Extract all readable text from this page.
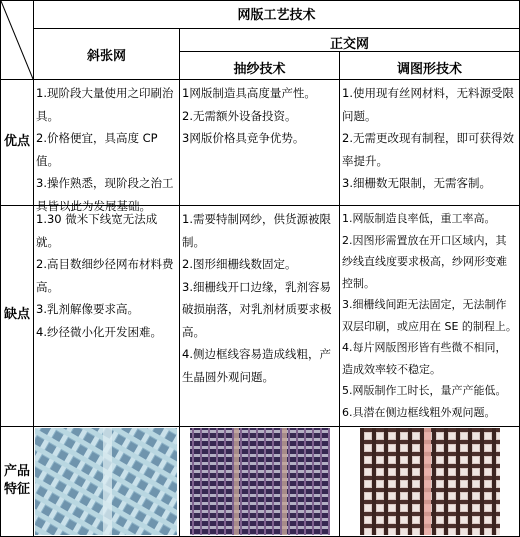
网版工艺技术
斜张网
正交网
抽纱技术	调图形技术
优点
缺点
产品特征

1.现阶段大量使用之印刷治

具。

2.价格便宜，具高度 CP 值。

3.操作熟悉，现阶段之治工

具皆以此为发展基础。

1网版制造具高度量产性。

2.无需额外设备投资。

3网版价格具竞争优势。

1.使用现有丝网材料，无料源受限

问题。

2.无需更改现有制程，即可获得效

率提升。

3.细栅数无限制，无需客制。

1.30 微米下线宽无法成就。

2.高目数细纱径网布材料费

高。

3.乳剂解像要求高。

4.纱径微小化开发困难。

1.需要特制网纱，供货源被限

制。

2.图形细栅线数固定。

3.细栅线开口边缘，乳剂容易

破损崩落，对乳剂材质要求极

高。

4.侧边框线容易造成线粗，产

生晶圆外观问题。

1.网版制造良率低，重工率高。

2.因图形需置放在开口区域内，其

纱线直线度要求极高，纱网形变难

控制。

3.细栅线间距无法固定，无法制作

双层印刷，或应用在 SE 的制程上。

4.每片网版图形皆有些微不相同，

造成效率较不稳定。

5.网版制作工时长，量产产能低。

6.具潜在侧边框线粗外观问题。
